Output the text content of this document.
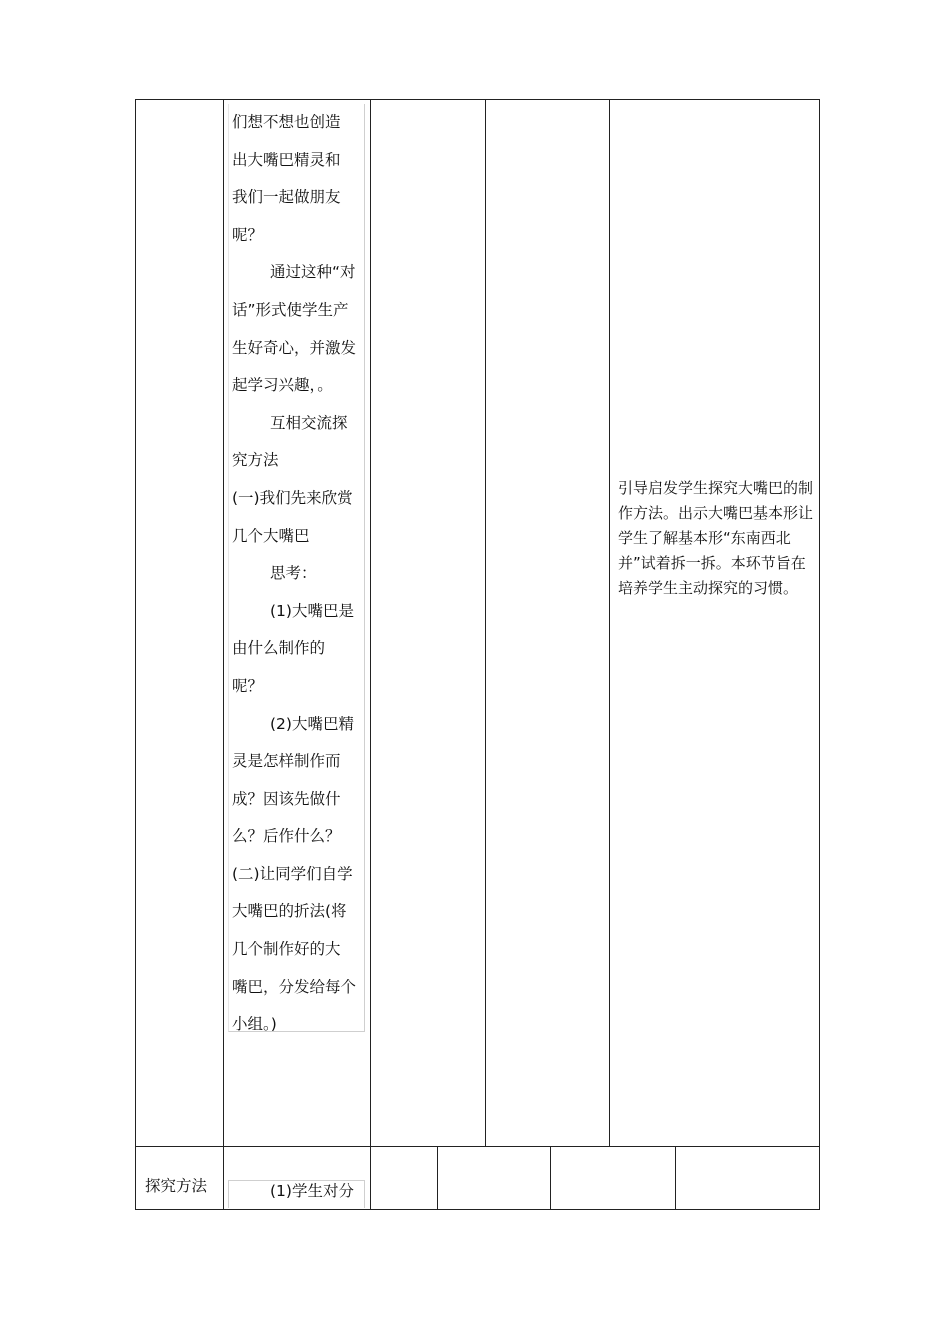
们想不想也创造

出大嘴巴精灵和

我们一起做朋友

呢？

通过这种“对

话”形式使学生产

生好奇心，并激发

起学习兴趣，。

互相交流探

究方法

(一)我们先来欣赏

几个大嘴巴

思考：

(1)大嘴巴是

由什么制作的

呢？

(2)大嘴巴精

灵是怎样制作而

成？因该先做什

么？后作什么？

(二)让同学们自学

大嘴巴的折法(将

几个制作好的大

嘴巴，分发给每个

小组。)

引导启发学生探究大嘴巴的制作方法。出示大嘴巴基本形让学生了解基本形“东南西北并”试着拆一拆。本环节旨在培养学生主动探究的习惯。
探究方法	(1)学生对分
